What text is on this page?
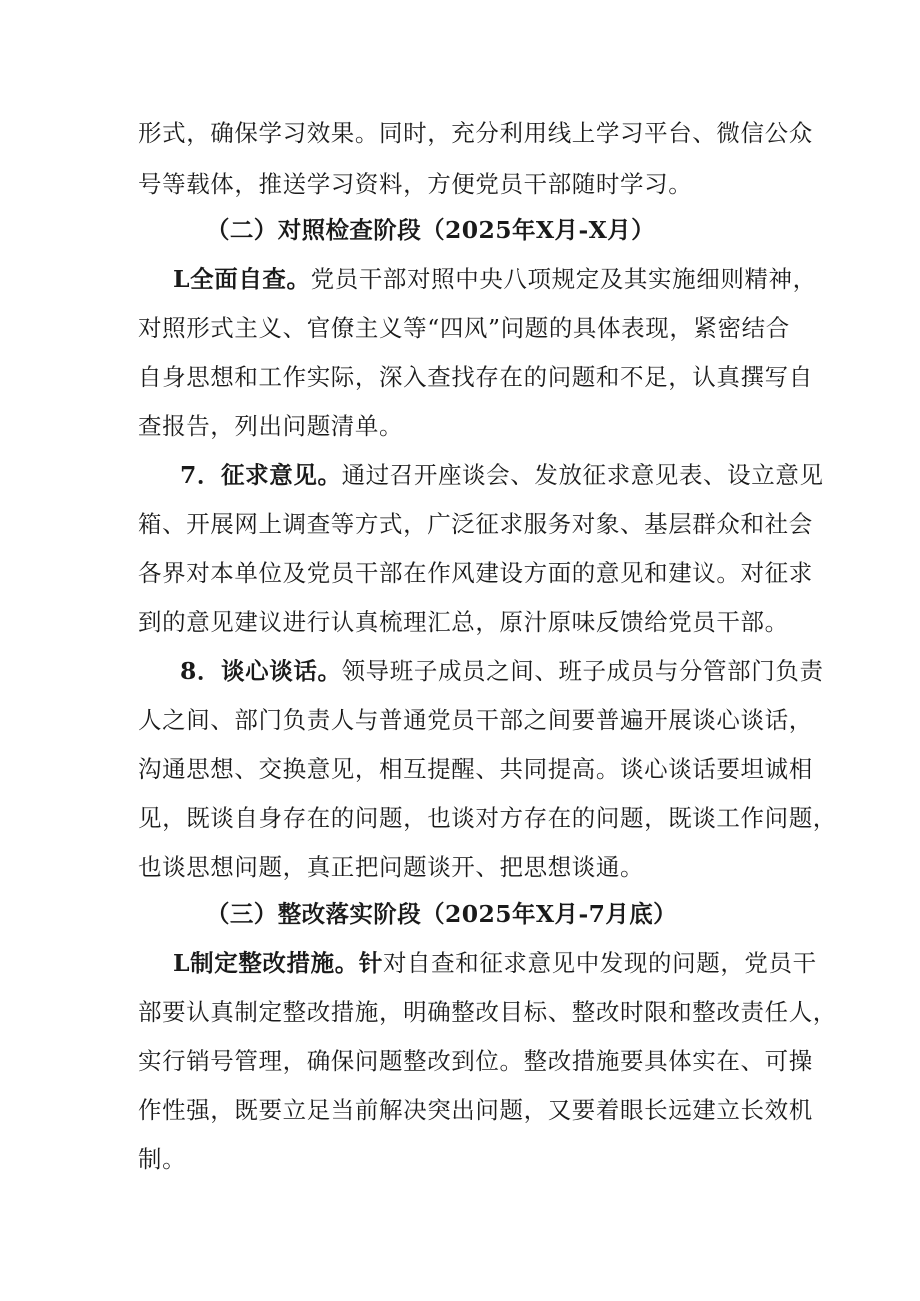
形式，确保学习效果。同时，充分利用线上学习平台、微信公众
号等载体，推送学习资料，方便党员干部随时学习。
（二）对照检查阶段（2025年X月-X月）
L全面自查。党员干部对照中央八项规定及其实施细则精神，
对照形式主义、官僚主义等“四风”问题的具体表现，紧密结合
自身思想和工作实际，深入查找存在的问题和不足，认真撰写自
查报告，列出问题清单。
7．征求意见。通过召开座谈会、发放征求意见表、设立意见
箱、开展网上调查等方式，广泛征求服务对象、基层群众和社会
各界对本单位及党员干部在作风建设方面的意见和建议。对征求
到的意见建议进行认真梳理汇总，原汁原味反馈给党员干部。
8．谈心谈话。领导班子成员之间、班子成员与分管部门负责
人之间、部门负责人与普通党员干部之间要普遍开展谈心谈话，
沟通思想、交换意见，相互提醒、共同提高。谈心谈话要坦诚相
见，既谈自身存在的问题，也谈对方存在的问题，既谈工作问题，
也谈思想问题，真正把问题谈开、把思想谈通。
（三）整改落实阶段（2025年X月-7月底）
L制定整改措施。针对自查和征求意见中发现的问题，党员干
部要认真制定整改措施，明确整改目标、整改时限和整改责任人，
实行销号管理，确保问题整改到位。整改措施要具体实在、可操
作性强，既要立足当前解决突出问题，又要着眼长远建立长效机
制。
